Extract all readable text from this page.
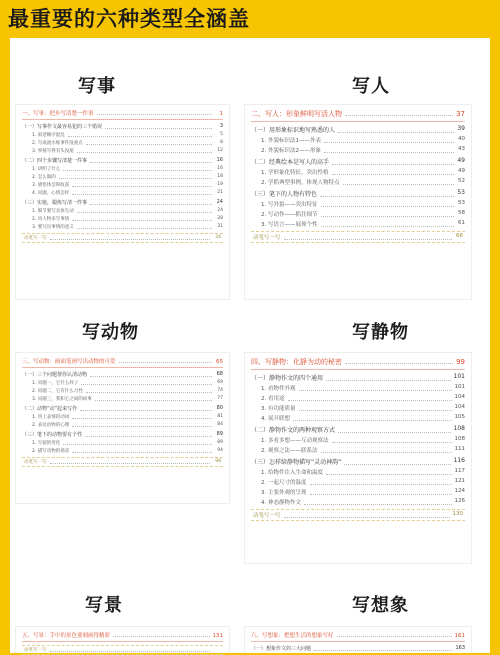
最重要的六种类型全涵盖
写事	写人
写动物	写静物
写景	写想象
一、写事：把步写清楚一件事	1
（一）写事作文最容易犯的三个错误	3
1. 叙述顺序混乱	5
2. 写成流水账事件没重点	8
3. 事情写得有头没尾	12
（二）四个步骤写清楚一件事	16
1. 讲明了什么	16
2. 怎么做的	18
3. 感悟体会和收获	19
4. 问题，心情怎样	21
（三）实施，锻炼写清一件事	24
1. 细节要写具体生动	24
2. 用人物来写事情	28
3. 要写出事情的意义	31
动笔写一写	34
二、写人：形象鲜明写活人物	37
（一）用形象标识地写熟悉的人	39
1. 外貌标识法1——外表	40
2. 外貌标识法2——形象	43
（二）经典绘本是写人的高手	49
1. 学形象化特征，突出性格	49
2. 学抓典型事例，体现人物特点	52
（三）笔下的人物有特色	53
1. 写外貌——突出特征	53
2. 写动作——抓住细节	58
3. 写语言——展现个性	61
动笔写一写	66
三、写动物：画面笔画写出动物的可爱	65
（一）三个问题帮你认清动物	68
1. 问题一，它什么样子	69
2. 问题二，它有什么习性	74
3. 问题三，我和它之间的故事	77
（二）动物“动”起来写作	80
1. 用上表情的动词	81
2. 表达动物的心理	84
（三）笔下的动物要有个性	89
1. 写貌的变化	89
2. 描写动物的场景	94
动笔写一写	98
四、写静物：化静为动的秘密	99
（一）静物作文的四个通用	101
1. 看物件外观	101
2. 看用途	104
3. 有功能质量	104
4. 展开联想	105
（二）静物作文的两种观察方式	108
1. 多看多想——互动观察法	108
2. 观察之法——联系法	111
（三）怎样给静物描写“灵动神韵”	116
1. 给物件注入生命和温度	117
2. 一起尺寸的温度	121
3. 主要外观的呈现	124
4. 神态静物作文	126
动笔写一写	130
五、写景：手中的景色要刻画得精彩	131
动笔写一写
六、写想象：把想生活的想象写好	161
（一）想象作文的三大问题	163
